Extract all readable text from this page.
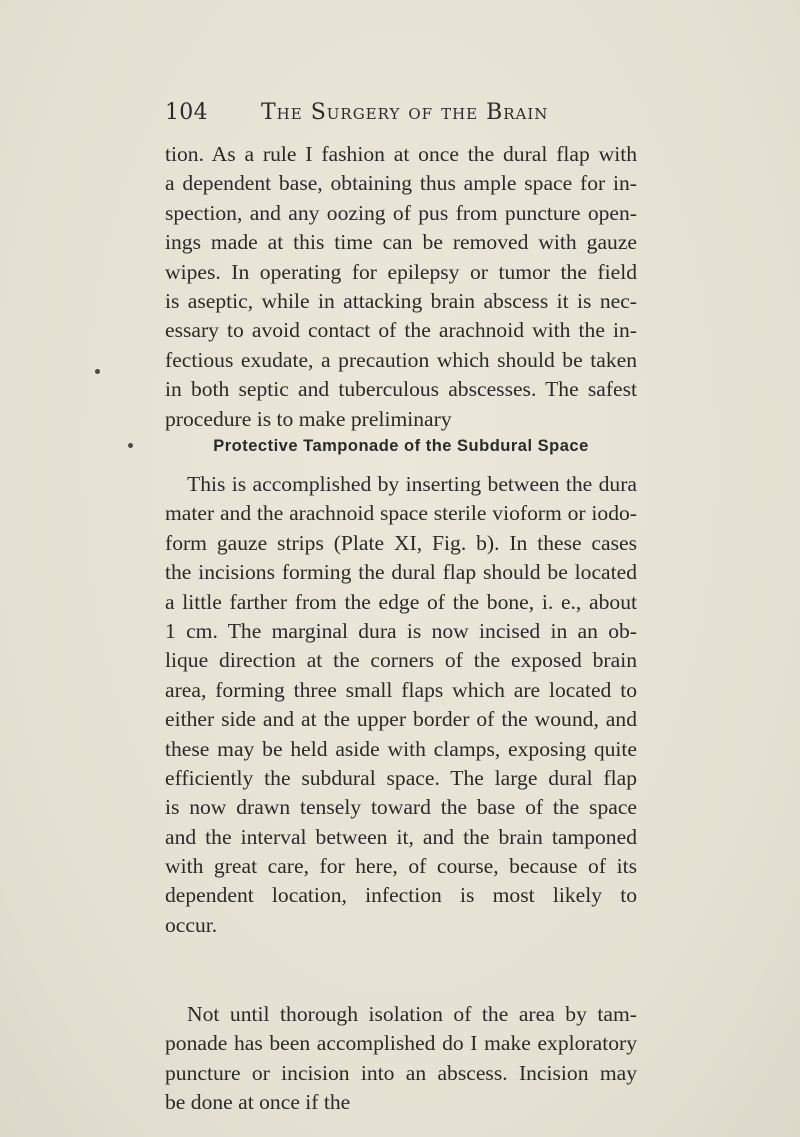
104 The Surgery of the Brain
tion. As a rule I fashion at once the dural flap with
a dependent base, obtaining thus ample space for in-
spection, and any oozing of pus from puncture open-
ings made at this time can be removed with gauze
wipes. In operating for epilepsy or tumor the field
is aseptic, while in attacking brain abscess it is nec-
essary to avoid contact of the arachnoid with the in-
fectious exudate, a precaution which should be taken
in both septic and tuberculous abscesses. The safest
procedure is to make preliminary
Protective Tamponade of the Subdural Space
This is accomplished by inserting between the dura
mater and the arachnoid space sterile vioform or iodo-
form gauze strips (Plate XI, Fig. b). In these cases
the incisions forming the dural flap should be located
a little farther from the edge of the bone, i. e., about
1 cm. The marginal dura is now incised in an ob-
lique direction at the corners of the exposed brain
area, forming three small flaps which are located to
either side and at the upper border of the wound, and
these may be held aside with clamps, exposing quite
efficiently the subdural space. The large dural flap
is now drawn tensely toward the base of the space
and the interval between it, and the brain tamponed
with great care, for here, of course, because of its
dependent location, infection is most likely to
occur.
Not until thorough isolation of the area by tam-
ponade has been accomplished do I make exploratory
puncture or incision into an abscess. Incision may
be done at once if the
